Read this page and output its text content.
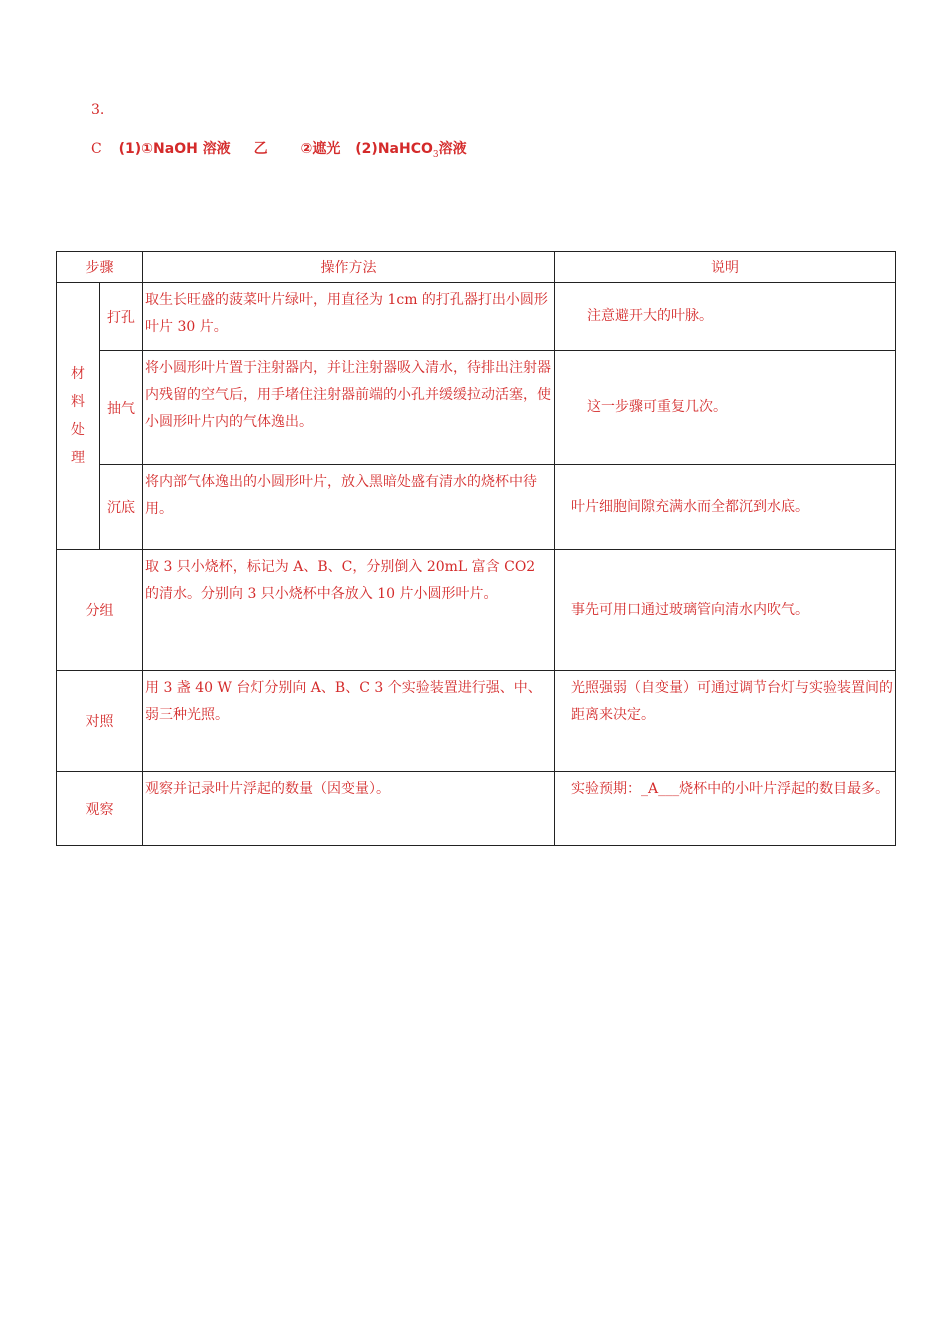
3.
C (1)①NaOH 溶液 乙 ②遮光 (2)NaHCO$_3$溶液
步骤		操作方法	说明

材
料
处
理	打孔	取生长旺盛的菠菜叶片绿叶，用直径为 1cm 的打孔器打出小圆形叶片 30 片。	注意避开大的叶脉。
	抽气	将小圆形叶片置于注射器内，并让注射器吸入清水，待排出注射器内残留的空气后，用手堵住注射器前端的小孔并缓缓拉动活塞，使小圆形叶片内的气体逸出。	这一步骤可重复几次。
	沉底	将内部气体逸出的小圆形叶片，放入黑暗处盛有清水的烧杯中待用。	叶片细胞间隙充满水而全都沉到水底。
分组		取 3 只小烧杯，标记为 A、B、C，分别倒入 20mL 富含 CO2 的清水。分别向 3 只小烧杯中各放入 10 片小圆形叶片。	事先可用口通过玻璃管向清水内吹气。
对照		用 3 盏 40 W 台灯分别向 A、B、C 3 个实验装置进行强、中、弱三种光照。	光照强弱（自变量）可通过调节台灯与实验装置间的距离来决定。
观察		观察并记录叶片浮起的数量（因变量）。	实验预期：_A___烧杯中的小叶片浮起的数目最多。
